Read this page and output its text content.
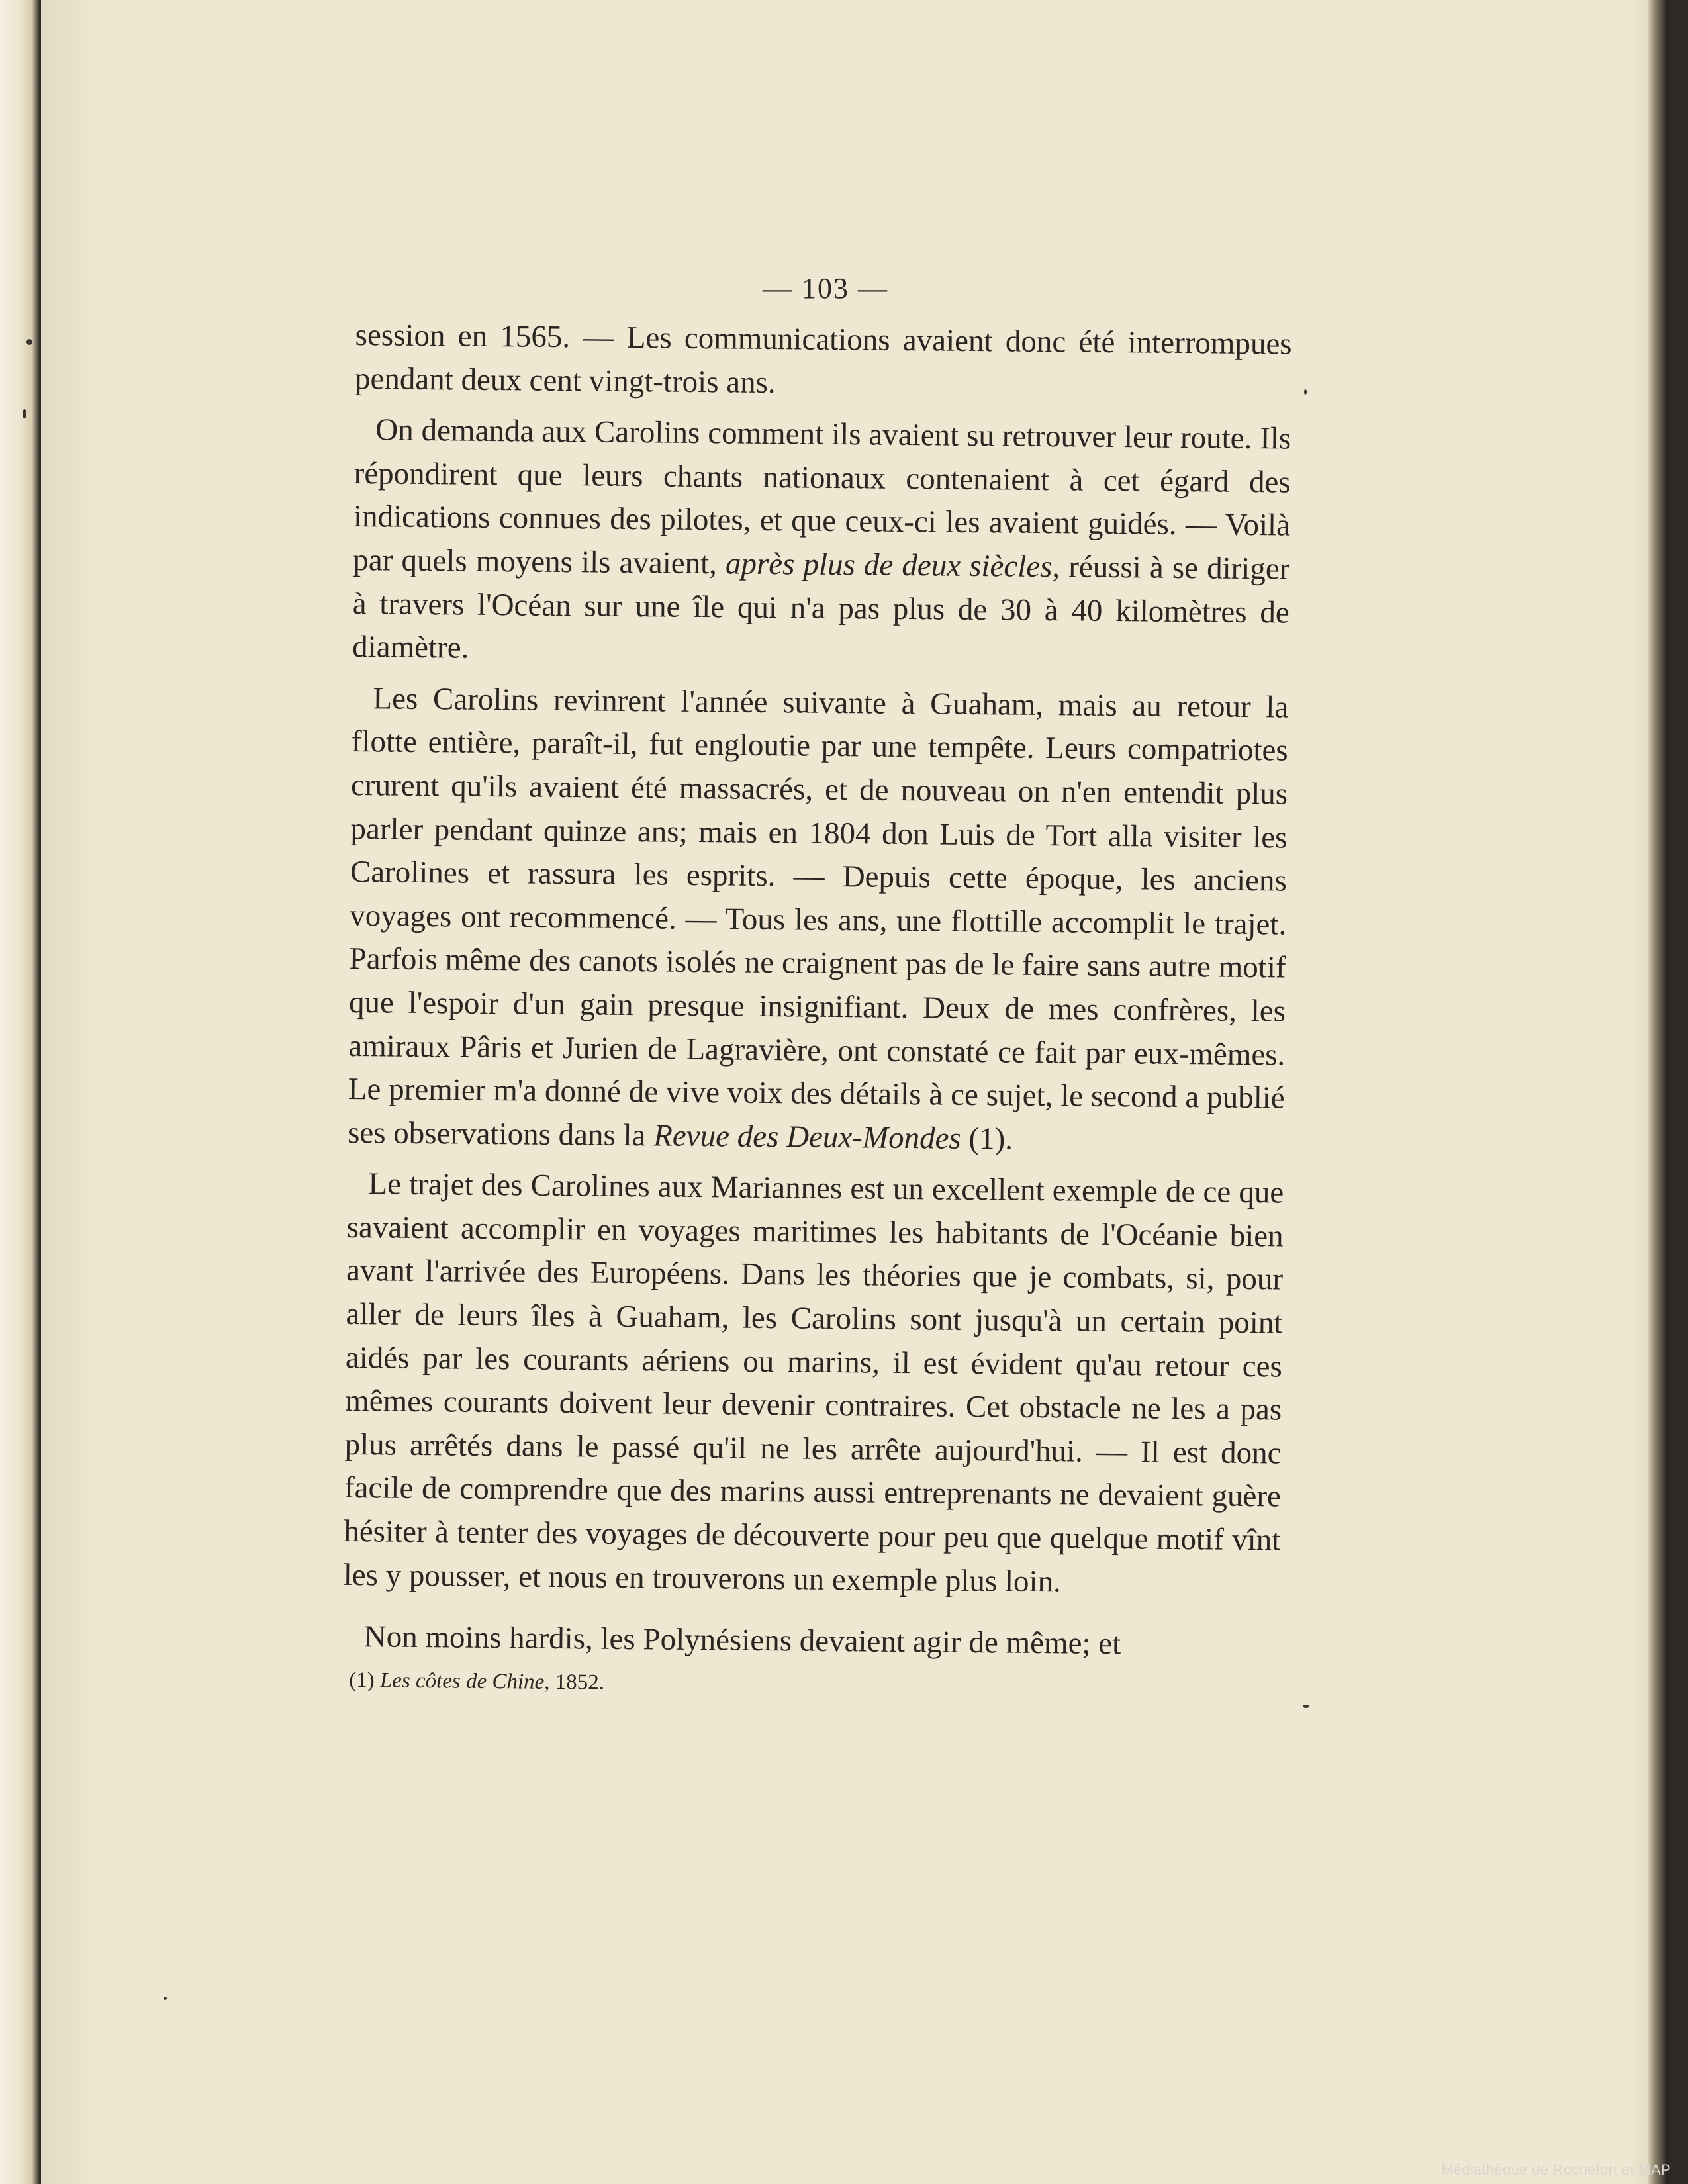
— 103 —

session en 1565. — Les communications avaient donc été interrompues pendant deux cent vingt-trois ans.

On demanda aux Carolins comment ils avaient su retrouver leur route. Ils répondirent que leurs chants nationaux contenaient à cet égard des indications connues des pilotes, et que ceux-ci les avaient guidés. — Voilà par quels moyens ils avaient, après plus de deux siècles, réussi à se diriger à travers l'Océan sur une île qui n'a pas plus de 30 à 40 kilomètres de diamètre.

Les Carolins revinrent l'année suivante à Guaham, mais au retour la flotte entière, paraît-il, fut engloutie par une tempête. Leurs compatriotes crurent qu'ils avaient été massacrés, et de nouveau on n'en entendit plus parler pendant quinze ans; mais en 1804 don Luis de Tort alla visiter les Carolines et rassura les esprits. — Depuis cette époque, les anciens voyages ont recommencé. — Tous les ans, une flottille accomplit le trajet. Parfois même des canots isolés ne craignent pas de le faire sans autre motif que l'espoir d'un gain presque insignifiant. Deux de mes confrères, les amiraux Pâris et Jurien de Lagravière, ont constaté ce fait par eux-mêmes. Le premier m'a donné de vive voix des détails à ce sujet, le second a publié ses observations dans la Revue des Deux-Mondes (1).

Le trajet des Carolines aux Mariannes est un excellent exemple de ce que savaient accomplir en voyages maritimes les habitants de l'Océanie bien avant l'arrivée des Européens. Dans les théories que je combats, si, pour aller de leurs îles à Guaham, les Carolins sont jusqu'à un certain point aidés par les courants aériens ou marins, il est évident qu'au retour ces mêmes courants doivent leur devenir contraires. Cet obstacle ne les a pas plus arrêtés dans le passé qu'il ne les arrête aujourd'hui. — Il est donc facile de comprendre que des marins aussi entreprenants ne devaient guère hésiter à tenter des voyages de découverte pour peu que quelque motif vînt les y pousser, et nous en trouverons un exemple plus loin.

Non moins hardis, les Polynésiens devaient agir de même; et

(1) Les côtes de Chine, 1852.
Médiathèque de Rochefort et MAP
